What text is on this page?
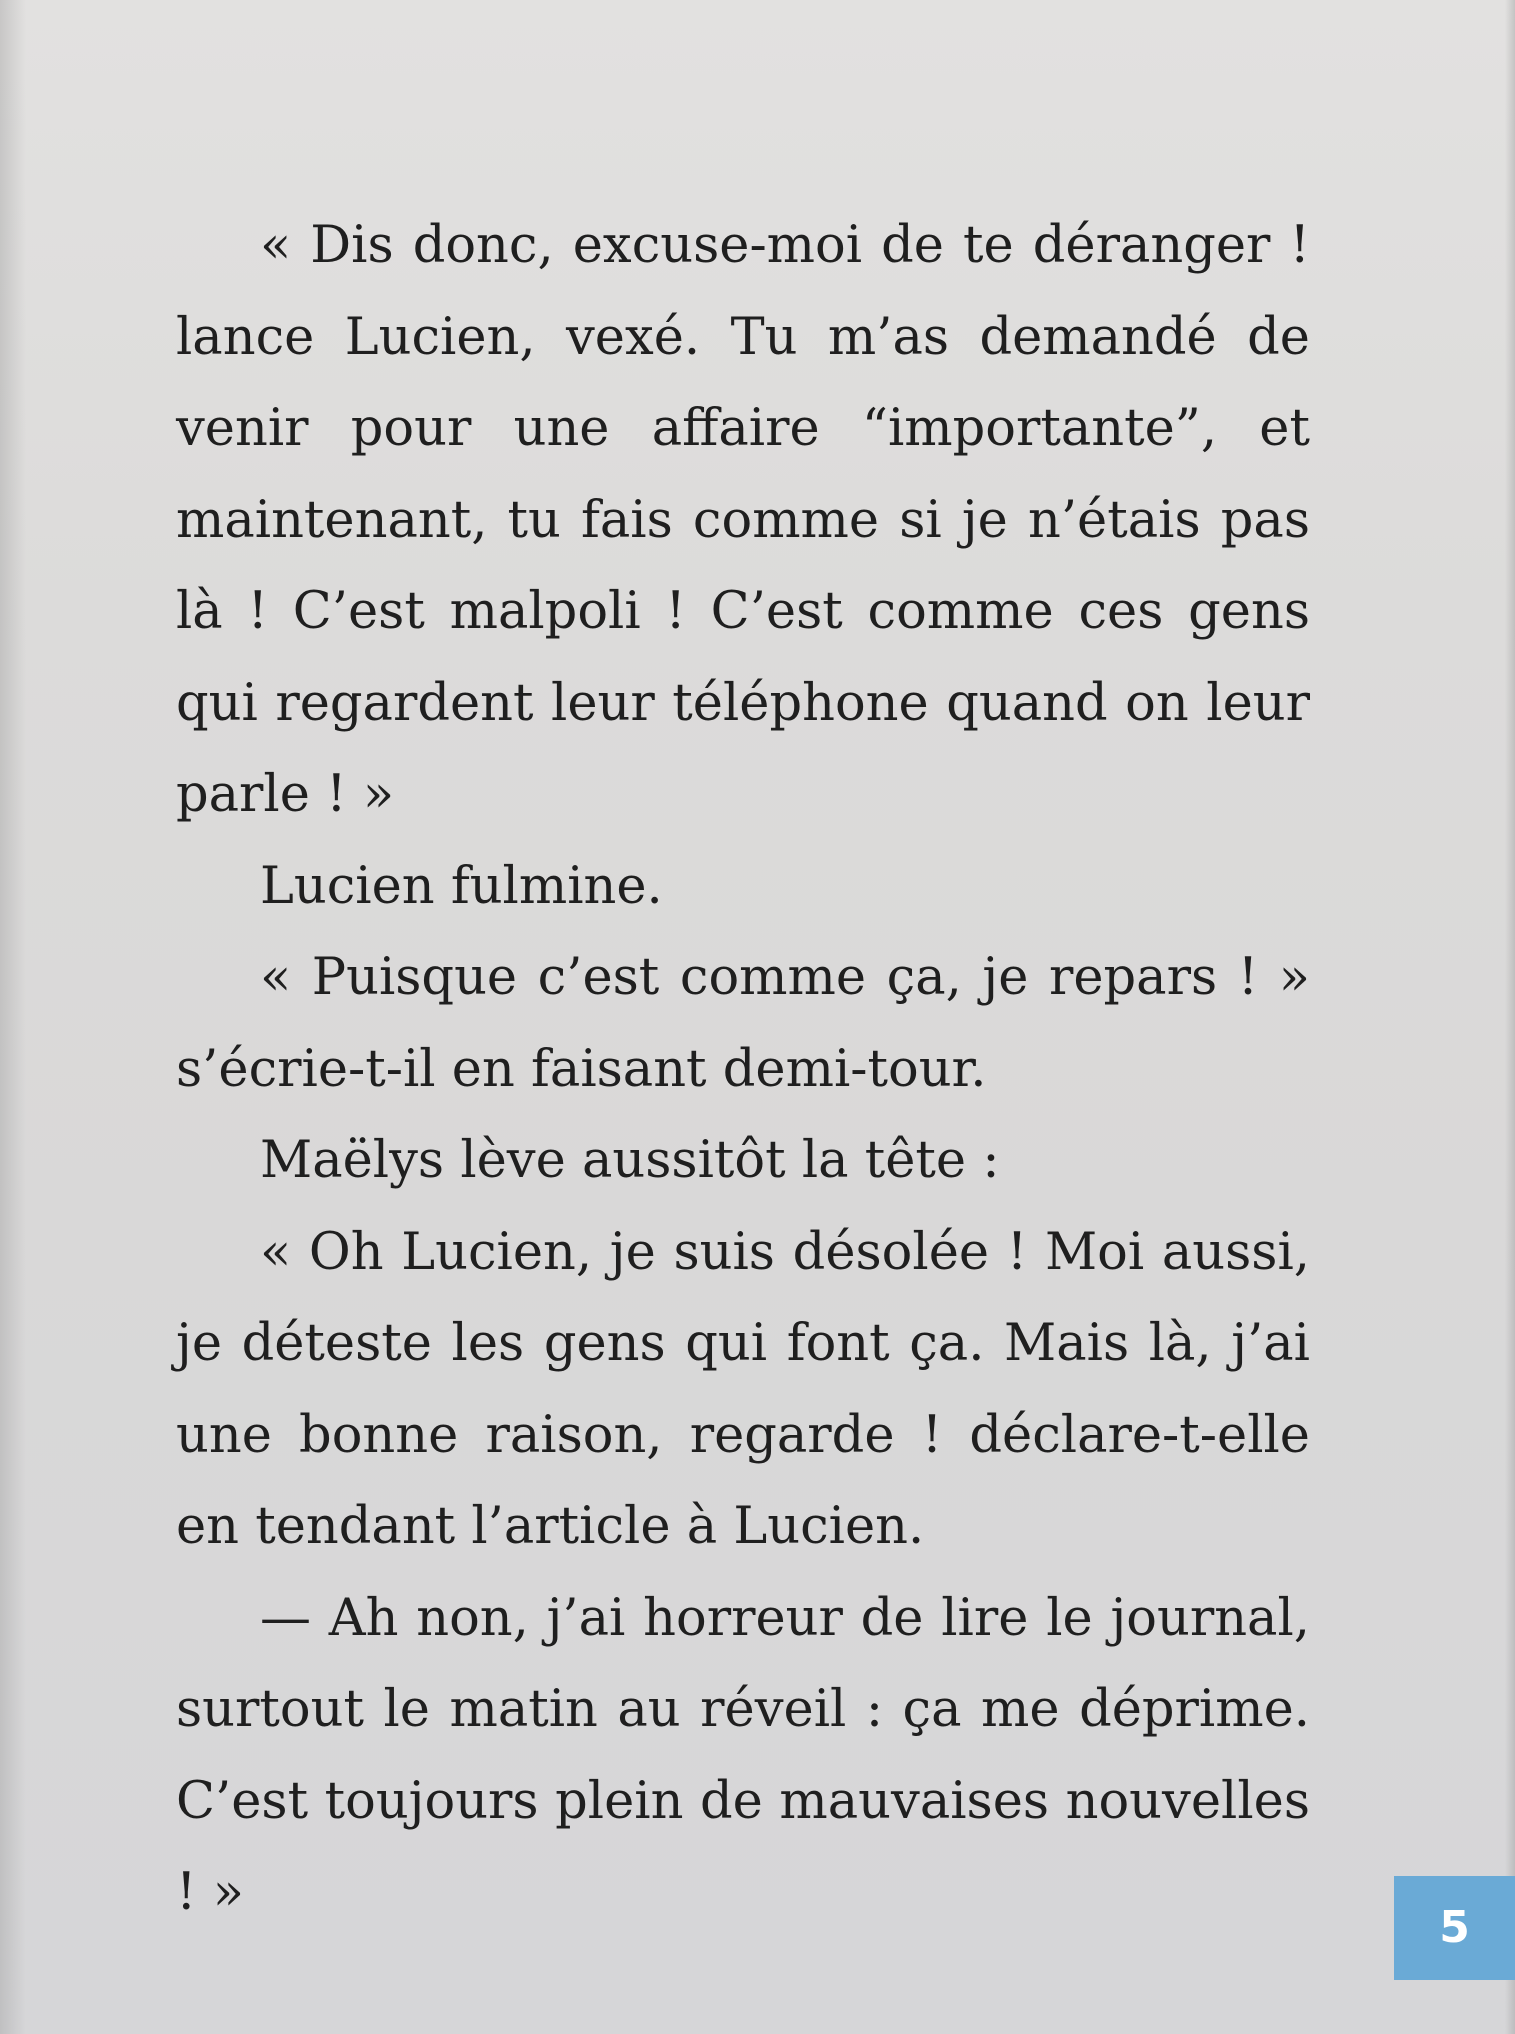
« Dis donc, excuse-moi de te déranger ! lance Lucien, vexé. Tu m’as demandé de venir pour une affaire “importante”, et maintenant, tu fais comme si je n’étais pas là ! C’est malpoli ! C’est comme ces gens qui regardent leur téléphone quand on leur parle ! »

Lucien fulmine.

« Puisque c’est comme ça, je repars ! » s’écrie-t-il en faisant demi-tour.

Maëlys lève aussitôt la tête :

« Oh Lucien, je suis désolée ! Moi aussi, je déteste les gens qui font ça. Mais là, j’ai une bonne raison, regarde ! déclare-t-elle en tendant l’article à Lucien.

— Ah non, j’ai horreur de lire le journal, surtout le matin au réveil : ça me déprime. C’est toujours plein de mauvaises nouvelles ! »

5
